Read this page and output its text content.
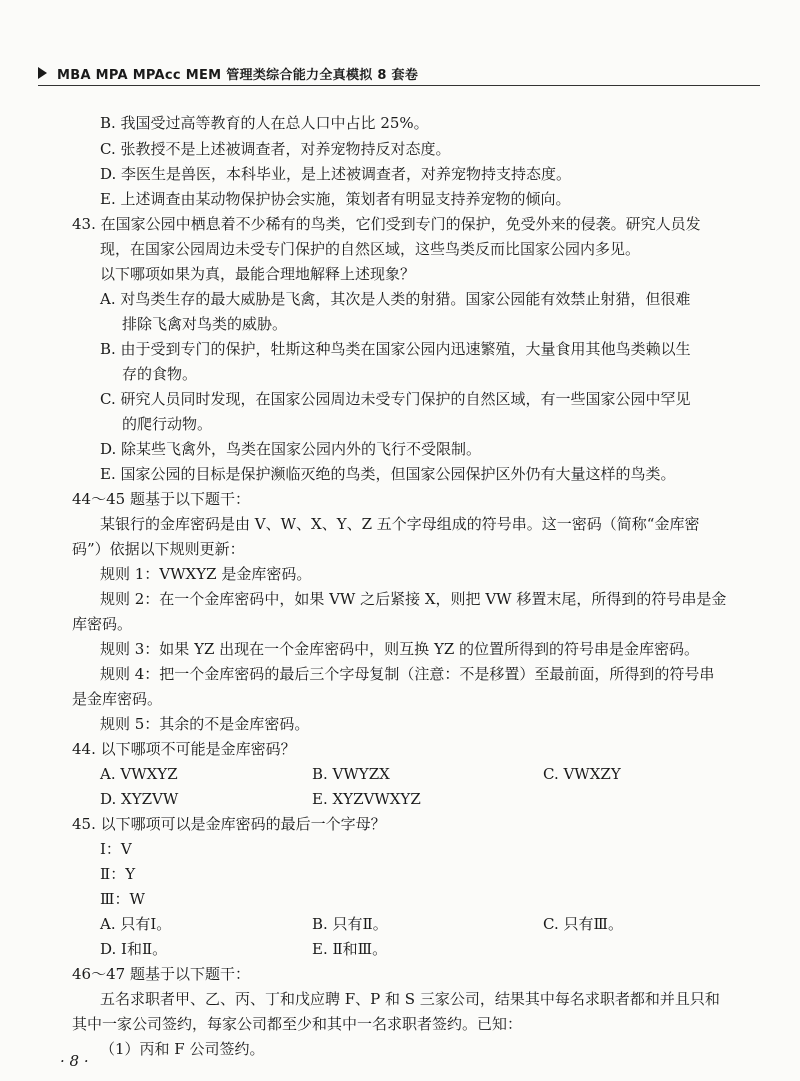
MBA MPA MPAcc MEM 管理类综合能力全真模拟 8 套卷
B. 我国受过高等教育的人在总人口中占比 25%。
C. 张教授不是上述被调查者，对养宠物持反对态度。
D. 李医生是兽医，本科毕业，是上述被调查者，对养宠物持支持态度。
E. 上述调查由某动物保护协会实施，策划者有明显支持养宠物的倾向。
43. 在国家公园中栖息着不少稀有的鸟类，它们受到专门的保护，免受外来的侵袭。研究人员发
现，在国家公园周边未受专门保护的自然区域，这些鸟类反而比国家公园内多见。
以下哪项如果为真，最能合理地解释上述现象？
A. 对鸟类生存的最大威胁是飞禽，其次是人类的射猎。国家公园能有效禁止射猎，但很难
排除飞禽对鸟类的威胁。
B. 由于受到专门的保护，牡斯这种鸟类在国家公园内迅速繁殖，大量食用其他鸟类赖以生
存的食物。
C. 研究人员同时发现，在国家公园周边未受专门保护的自然区域，有一些国家公园中罕见
的爬行动物。
D. 除某些飞禽外，鸟类在国家公园内外的飞行不受限制。
E. 国家公园的目标是保护濒临灭绝的鸟类，但国家公园保护区外仍有大量这样的鸟类。
44～45 题基于以下题干：
某银行的金库密码是由 V、W、X、Y、Z 五个字母组成的符号串。这一密码（简称“金库密
码”）依据以下规则更新：
规则 1：VWXYZ 是金库密码。
规则 2：在一个金库密码中，如果 VW 之后紧接 X，则把 VW 移置末尾，所得到的符号串是金
库密码。
规则 3：如果 YZ 出现在一个金库密码中，则互换 YZ 的位置所得到的符号串是金库密码。
规则 4：把一个金库密码的最后三个字母复制（注意：不是移置）至最前面，所得到的符号串
是金库密码。
规则 5：其余的不是金库密码。
44. 以下哪项不可能是金库密码？
A. VWXYZ	B. VWYZX	C. VWXZY
D. XYZVW	E. XYZVWXYZ
45. 以下哪项可以是金库密码的最后一个字母？
Ⅰ：V
Ⅱ：Y
Ⅲ：W
A. 只有Ⅰ。	B. 只有Ⅱ。	C. 只有Ⅲ。
D. Ⅰ和Ⅱ。	E. Ⅱ和Ⅲ。
46～47 题基于以下题干：
五名求职者甲、乙、丙、丁和戊应聘 F、P 和 S 三家公司，结果其中每名求职者都和并且只和
其中一家公司签约，每家公司都至少和其中一名求职者签约。已知：
（1）丙和 F 公司签约。
· 8 ·
